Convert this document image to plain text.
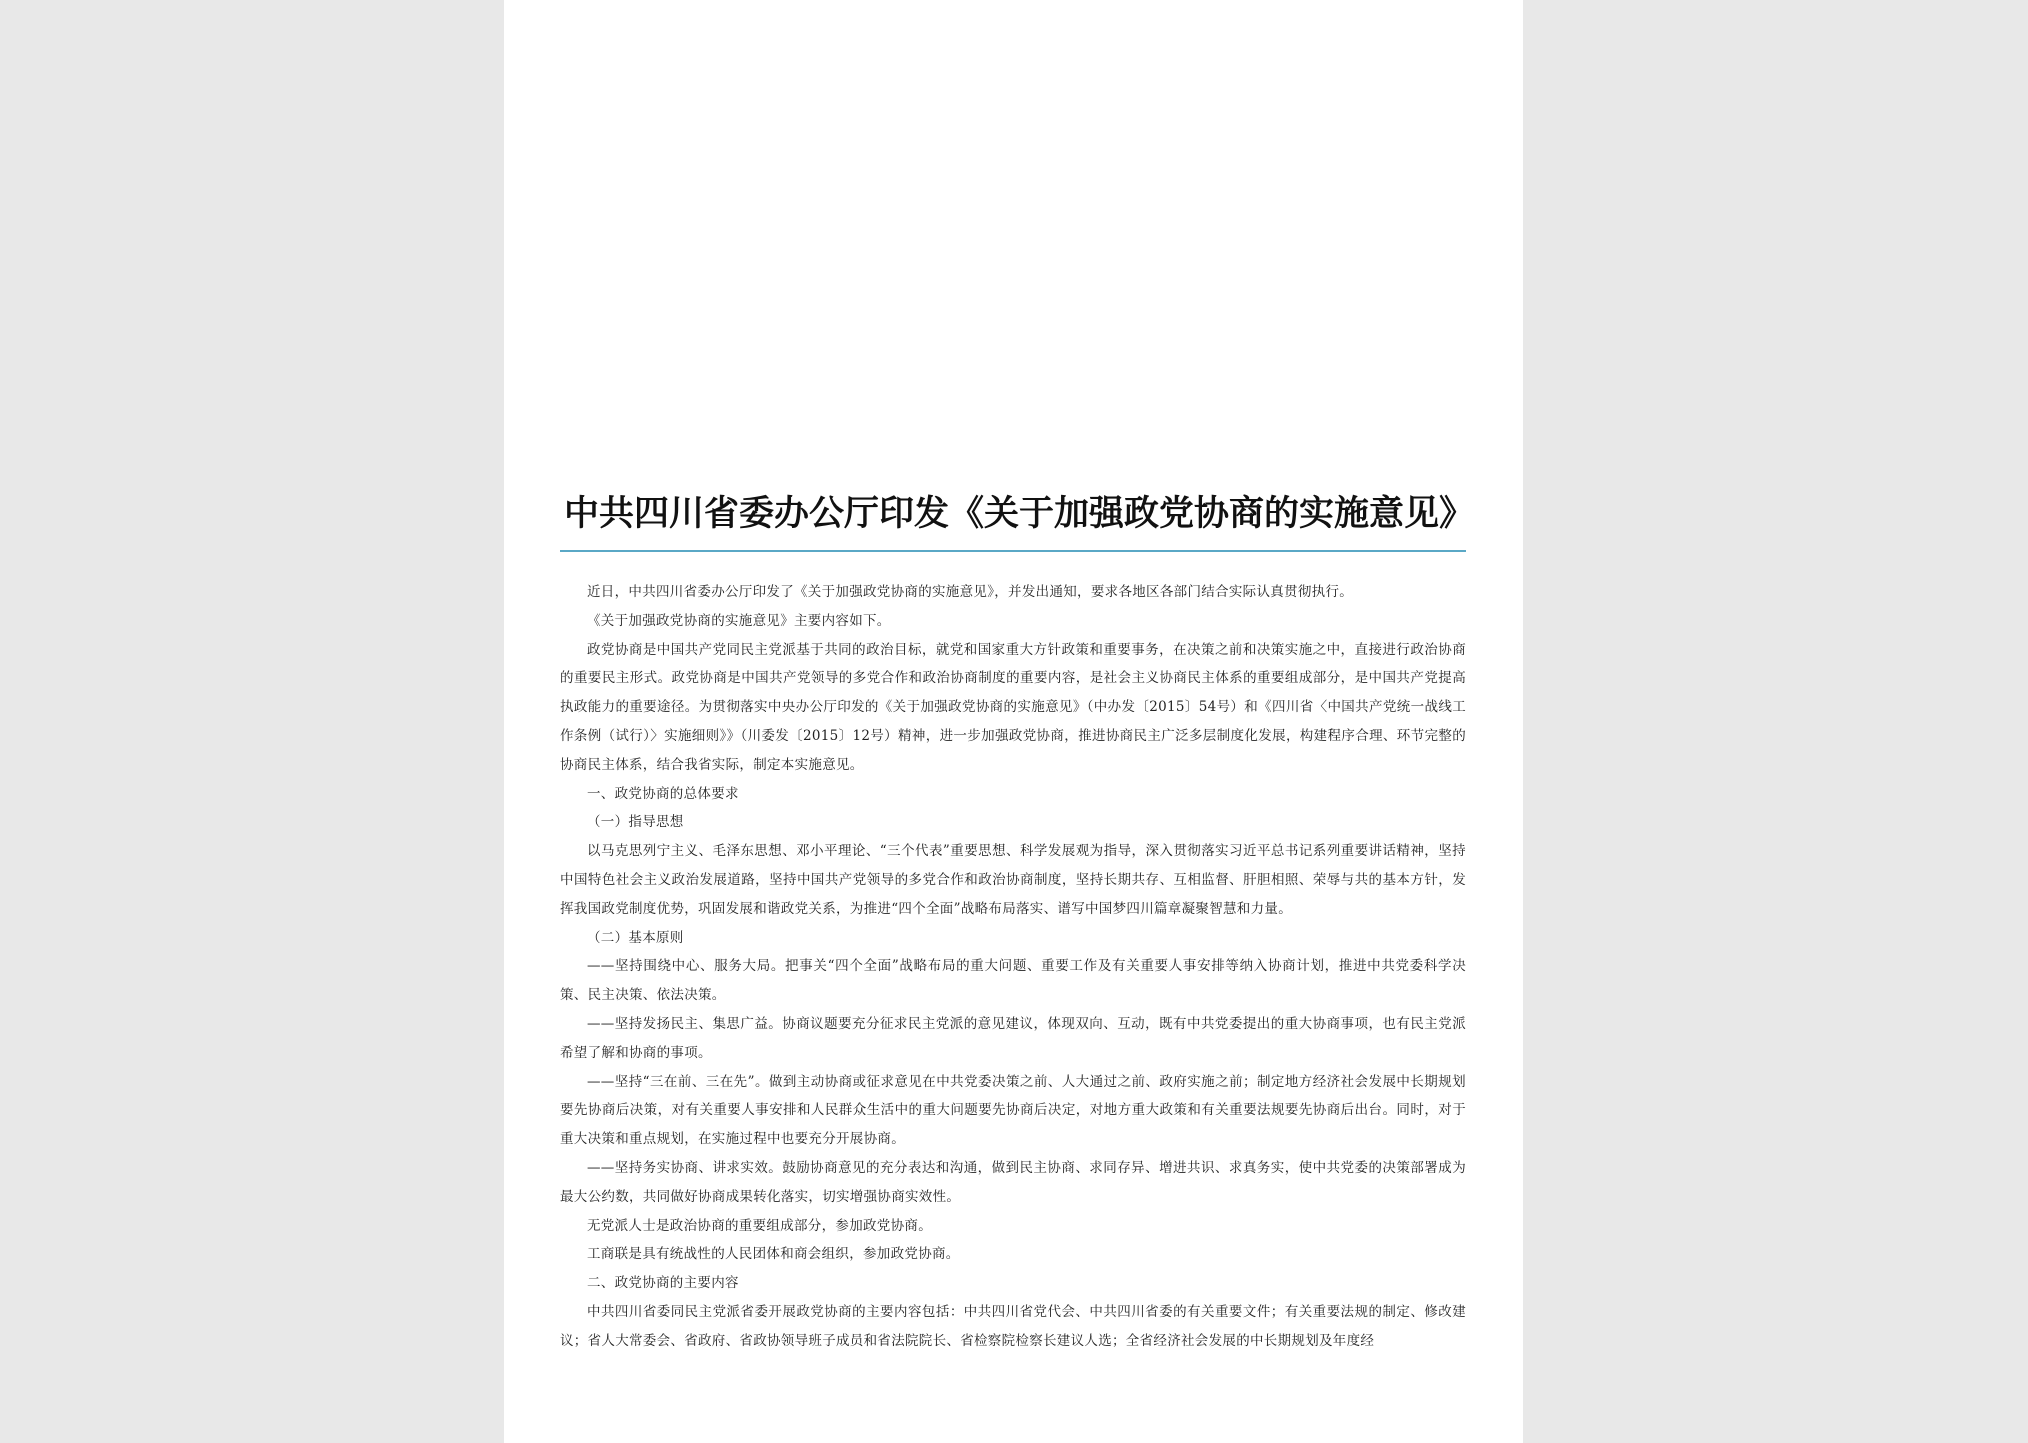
中共四川省委办公厅印发《关于加强政党协商的实施意见》

近日，中共四川省委办公厅印发了《关于加强政党协商的实施意见》，并发出通知，要求各地区各部门结合实际认真贯彻执行。

《关于加强政党协商的实施意见》主要内容如下。

政党协商是中国共产党同民主党派基于共同的政治目标，就党和国家重大方针政策和重要事务，在决策之前和决策实施之中，直接进行政治协商的重要民主形式。政党协商是中国共产党领导的多党合作和政治协商制度的重要内容，是社会主义协商民主体系的重要组成部分，是中国共产党提高执政能力的重要途径。为贯彻落实中央办公厅印发的《关于加强政党协商的实施意见》（中办发〔2015〕54号）和《四川省〈中国共产党统一战线工作条例（试行）〉实施细则》》（川委发〔2015〕12号）精神，进一步加强政党协商，推进协商民主广泛多层制度化发展，构建程序合理、环节完整的协商民主体系，结合我省实际，制定本实施意见。

一、政党协商的总体要求

（一）指导思想

以马克思列宁主义、毛泽东思想、邓小平理论、“三个代表”重要思想、科学发展观为指导，深入贯彻落实习近平总书记系列重要讲话精神，坚持中国特色社会主义政治发展道路，坚持中国共产党领导的多党合作和政治协商制度，坚持长期共存、互相监督、肝胆相照、荣辱与共的基本方针，发挥我国政党制度优势，巩固发展和谐政党关系，为推进“四个全面”战略布局落实、谱写中国梦四川篇章凝聚智慧和力量。

（二）基本原则

——坚持围绕中心、服务大局。把事关“四个全面”战略布局的重大问题、重要工作及有关重要人事安排等纳入协商计划，推进中共党委科学决策、民主决策、依法决策。

——坚持发扬民主、集思广益。协商议题要充分征求民主党派的意见建议，体现双向、互动，既有中共党委提出的重大协商事项，也有民主党派希望了解和协商的事项。

——坚持“三在前、三在先”。做到主动协商或征求意见在中共党委决策之前、人大通过之前、政府实施之前；制定地方经济社会发展中长期规划要先协商后决策，对有关重要人事安排和人民群众生活中的重大问题要先协商后决定，对地方重大政策和有关重要法规要先协商后出台。同时，对于重大决策和重点规划，在实施过程中也要充分开展协商。

——坚持务实协商、讲求实效。鼓励协商意见的充分表达和沟通，做到民主协商、求同存异、增进共识、求真务实，使中共党委的决策部署成为最大公约数，共同做好协商成果转化落实，切实增强协商实效性。

无党派人士是政治协商的重要组成部分，参加政党协商。

工商联是具有统战性的人民团体和商会组织，参加政党协商。

二、政党协商的主要内容

中共四川省委同民主党派省委开展政党协商的主要内容包括：中共四川省党代会、中共四川省委的有关重要文件；有关重要法规的制定、修改建议；省人大常委会、省政府、省政协领导班子成员和省法院院长、省检察院检察长建议人选；全省经济社会发展的中长期规划及年度经
